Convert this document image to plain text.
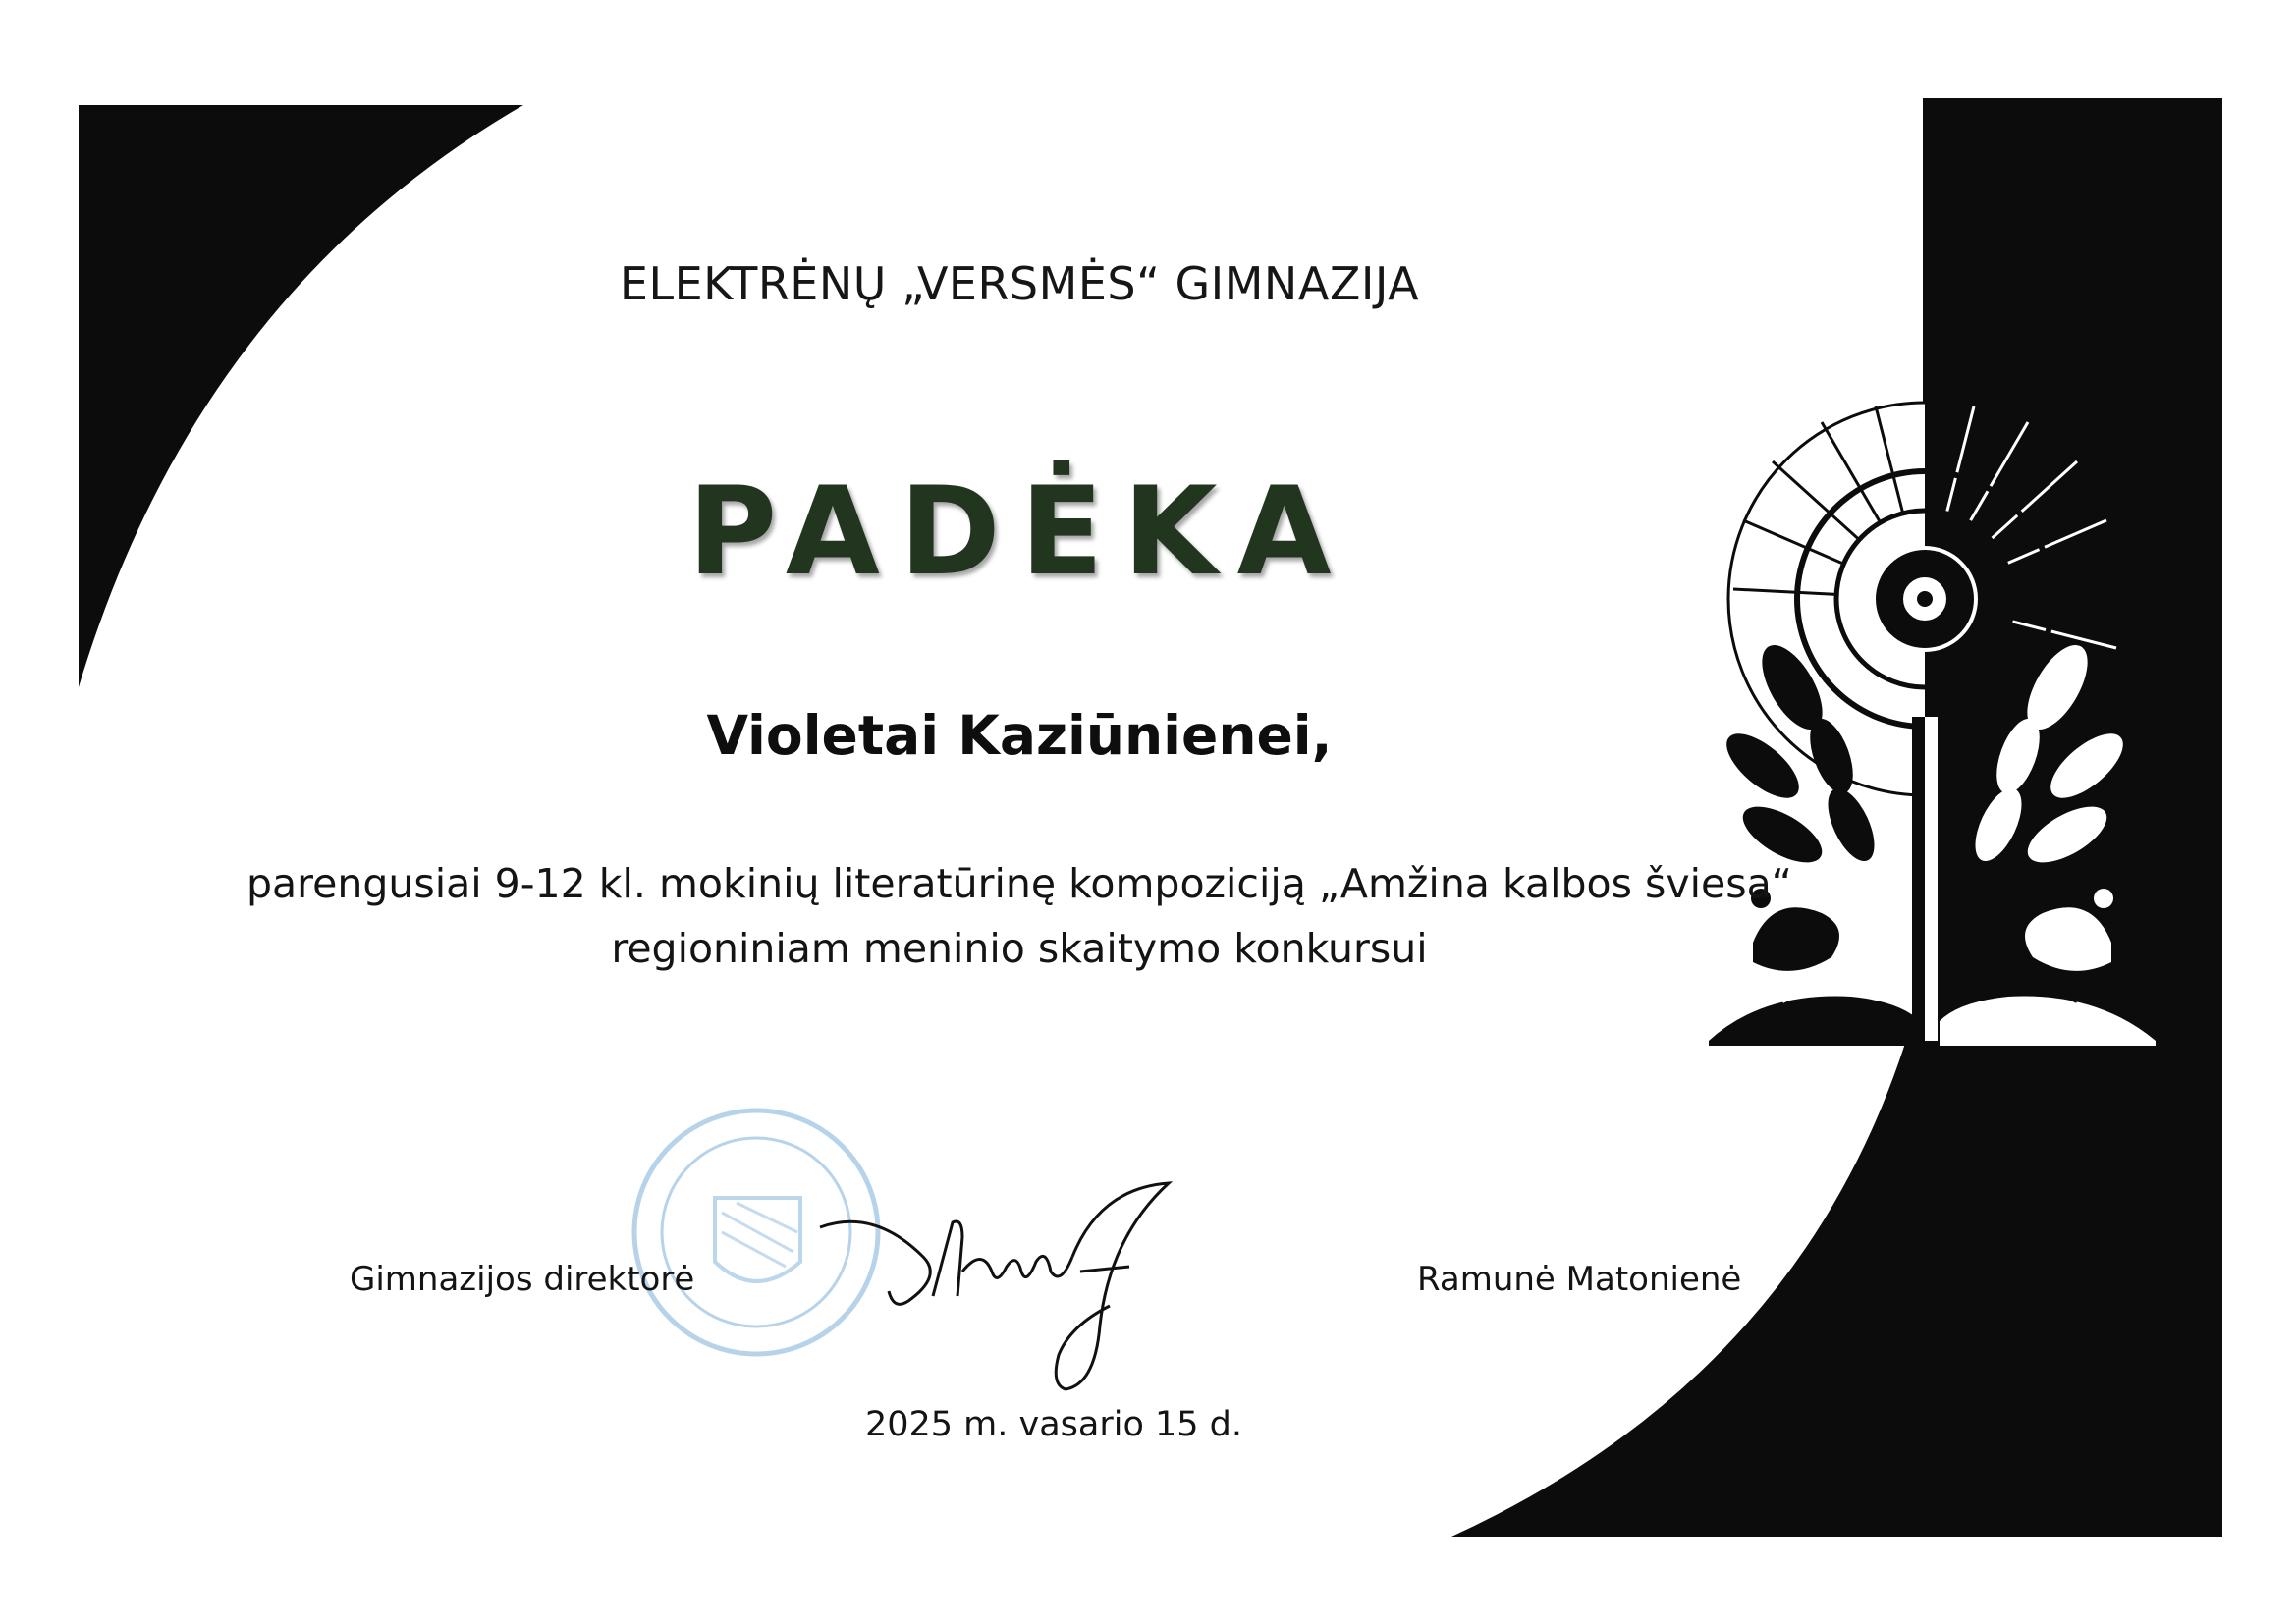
ELEKTRĖNŲ „VERSMĖS“ GIMNAZIJA
PADĖKA
Violetai Kaziūnienei,
parengusiai 9-12 kl. mokinių literatūrinę kompoziciją „Amžina kalbos šviesa“
regioniniam meninio skaitymo konkursui
Gimnazijos direktorė	Ramunė Matonienė
2025 m. vasario 15 d.
